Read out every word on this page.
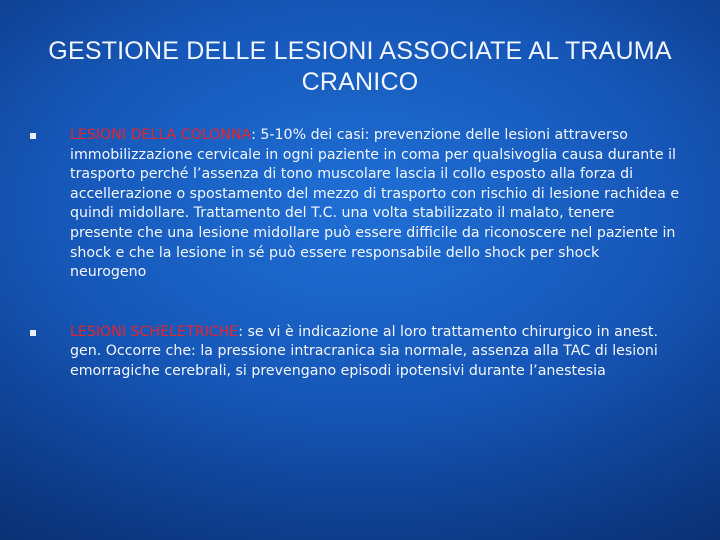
GESTIONE DELLE LESIONI ASSOCIATE AL TRAUMA CRANICO
LESIONI DELLA COLONNA: 5-10% dei casi: prevenzione delle lesioni attraverso immobilizzazione cervicale in ogni paziente in coma per qualsivoglia causa durante il trasporto perché l’assenza di tono muscolare lascia il collo esposto alla forza di accellerazione o spostamento del mezzo di trasporto con rischio di lesione rachidea e quindi midollare. Trattamento del T.C. una volta stabilizzato il malato, tenere presente che una lesione midollare può essere difficile da riconoscere nel paziente in shock e che la lesione in sé può essere responsabile dello shock per shock neurogeno
LESIONI SCHELETRICHE: se vi è indicazione al loro trattamento chirurgico in anest. gen. Occorre che: la pressione intracranica sia normale, assenza alla TAC di lesioni emorragiche cerebrali, si prevengano episodi ipotensivi durante l’anestesia
